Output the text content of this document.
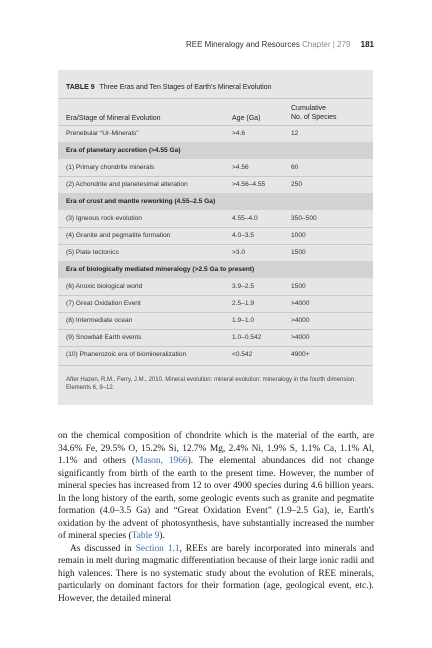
REE Mineralogy and Resources Chapter | 279 181
TABLE 9 Three Eras and Ten Stages of Earth's Mineral Evolution
Era/Stage of Mineral Evolution	Age (Ga)
Cumulative
No. of Species
Prenebular “Ur-Minerals”	>4.6	12
Era of planetary accretion (>4.55 Ga)
(1) Primary chondrite minerals	>4.56	60
(2) Achondrite and planetesimal alteration	>4.56–4.55	250
Era of crust and mantle reworking (4.55–2.5 Ga)
(3) Igneous rock evolution	4.55–4.0	350–500
(4) Granite and pegmatite formation	4.0–3.5	1000
(5) Plate tectonics	>3.0	1500
Era of biologically mediated mineralogy (>2.5 Ga to present)
(6) Anoxic biological world	3.9–2.5	1500
(7) Great Oxidation Event	2.5–1.9	>4000
(8) Intermediate ocean	1.9–1.0	>4000
(9) Snowball Earth events	1.0–0.542	>4000
(10) Phanerozoic era of biomineralization	<0.542	4900+
After Hazen, R.M., Ferry, J.M., 2010. Mineral evolution: mineral evolution: mineralogy in the fourth dimension. Elements 6, 9–12.

on the chemical composition of chondrite which is the material of the earth, are 34.6% Fe, 29.5% O, 15.2% Si, 12.7% Mg, 2.4% Ni, 1.9% S, 1.1% Ca, 1.1% Al, 1.1% and others (Mason, 1966). The elemental abundances did not change significantly from birth of the earth to the present time. However, the number of mineral species has increased from 12 to over 4900 species during 4.6 billion years. In the long history of the earth, some geologic events such as granite and pegmatite formation (4.0–3.5 Ga) and “Great Oxidation Event” (1.9–2.5 Ga), ie, Earth's oxidation by the advent of photosynthesis, have substantially increased the number of mineral species (Table 9).

As discussed in Section 1.1, REEs are barely incorporated into minerals and remain in melt during magmatic differentiation because of their large ionic radii and high valences. There is no systematic study about the evolution of REE minerals, particularly on dominant factors for their formation (age, geological event, etc.). However, the detailed mineral
